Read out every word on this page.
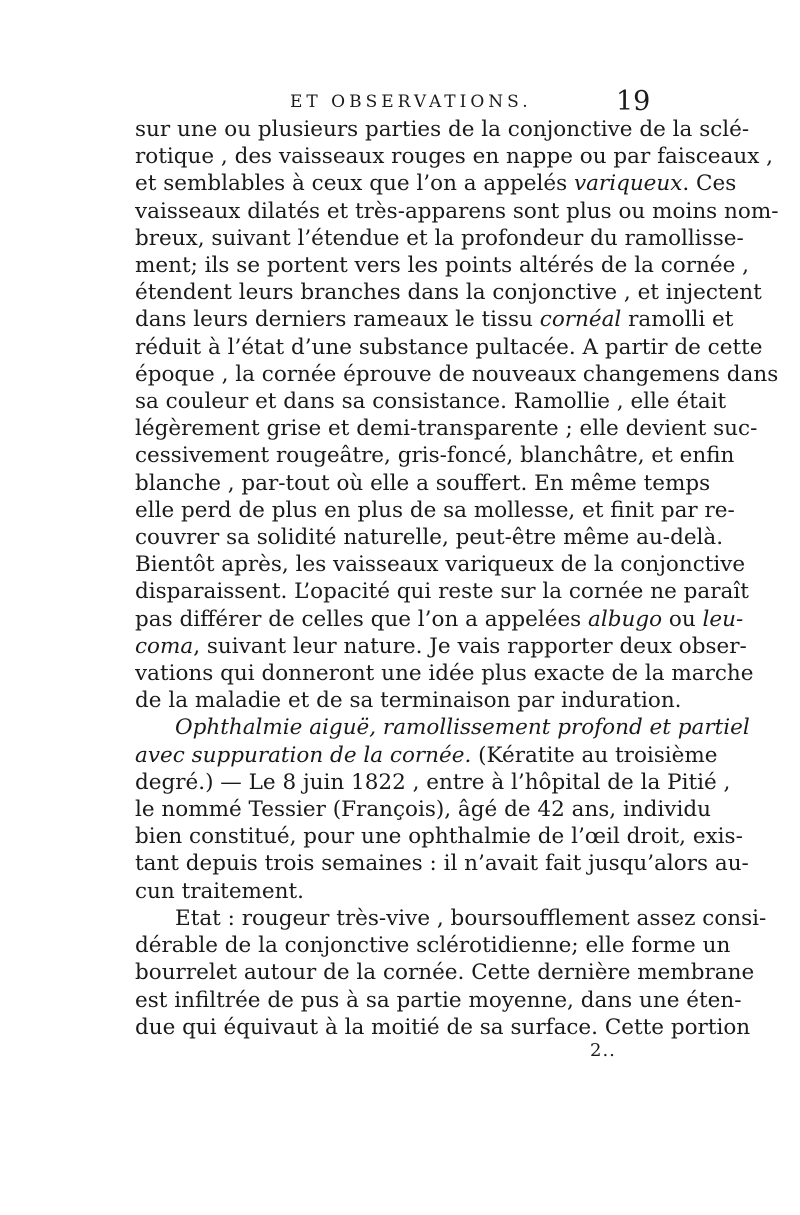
ET OBSERVATIONS.	19
sur une ou plusieurs parties de la conjonctive de la sclé-
rotique , des vaisseaux rouges en nappe ou par faisceaux ,
et semblables à ceux que l’on a appelés variqueux. Ces
vaisseaux dilatés et très-apparens sont plus ou moins nom-
breux, suivant l’étendue et la profondeur du ramollisse-
ment; ils se portent vers les points altérés de la cornée ,
étendent leurs branches dans la conjonctive , et injectent
dans leurs derniers rameaux le tissu cornéal ramolli et
réduit à l’état d’une substance pultacée. A partir de cette
époque , la cornée éprouve de nouveaux changemens dans
sa couleur et dans sa consistance. Ramollie , elle était
légèrement grise et demi-transparente ; elle devient suc-
cessivement rougeâtre, gris-foncé, blanchâtre, et enfin
blanche , par-tout où elle a souffert. En même temps
elle perd de plus en plus de sa mollesse, et finit par re-
couvrer sa solidité naturelle, peut-être même au-delà.
Bientôt après, les vaisseaux variqueux de la conjonctive
disparaissent. L’opacité qui reste sur la cornée ne paraît
pas différer de celles que l’on a appelées albugo ou leu-
coma, suivant leur nature. Je vais rapporter deux obser-
vations qui donneront une idée plus exacte de la marche
de la maladie et de sa terminaison par induration.
Ophthalmie aiguë, ramollissement profond et partiel
avec suppuration de la cornée. (Kératite au troisième
degré.) — Le 8 juin 1822 , entre à l’hôpital de la Pitié ,
le nommé Tessier (François), âgé de 42 ans, individu
bien constitué, pour une ophthalmie de l’œil droit, exis-
tant depuis trois semaines : il n’avait fait jusqu’alors au-
cun traitement.
Etat : rougeur très-vive , boursoufflement assez consi-
dérable de la conjonctive sclérotidienne; elle forme un
bourrelet autour de la cornée. Cette dernière membrane
est infiltrée de pus à sa partie moyenne, dans une éten-
due qui équivaut à la moitié de sa surface. Cette portion
2..
